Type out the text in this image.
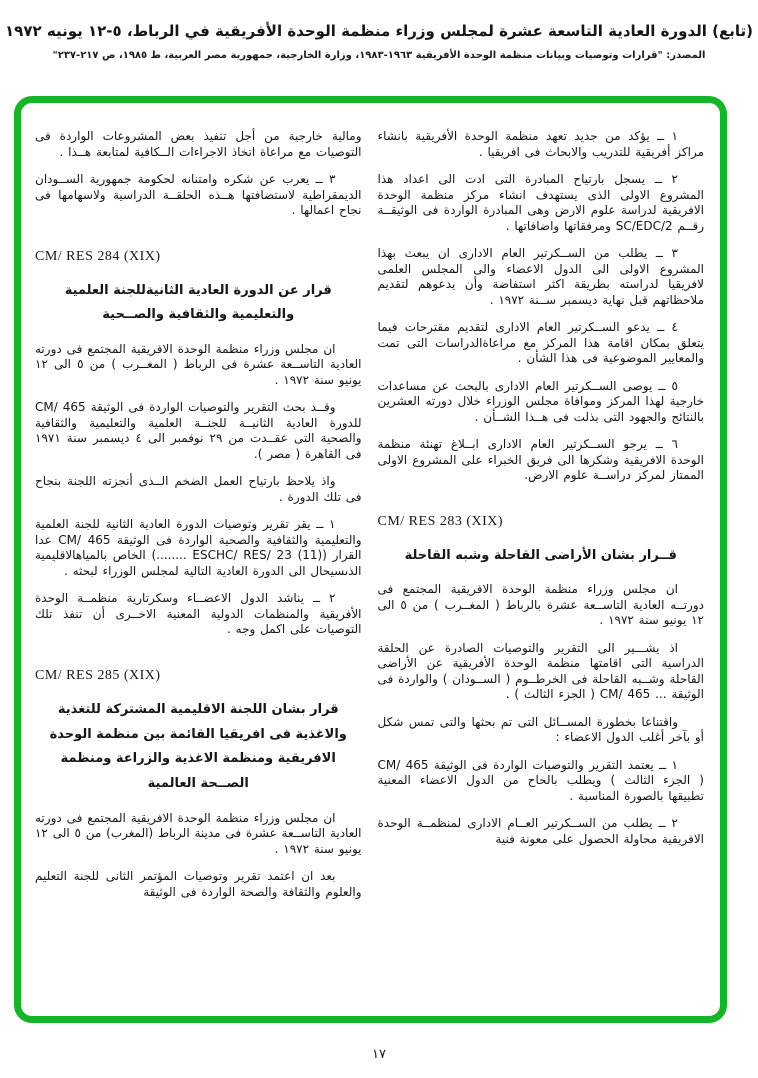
(تابع) الدورة العادية التاسعة عشرة لمجلس وزراء منظمة الوحدة الأفريقية في الرباط، ٥-١٢ يونيه ١٩٧٢
المصدر: "قرارات وتوصيات وبيانات منظمة الوحدة الأفريقية ١٩٦٣-١٩٨٣، وزارة الخارجية، جمهورية مصر العربية، ط ١٩٨٥، ص ٢١٧-٢٣٧"

١ ــ يؤكد من جديد تعهد منظمة الوحدة الأفريقية بانشاء مراكز أفريقية للتدريب والابحاث فى افريقيا .

٢ ــ يسجل بارتياح المبادرة التى ادت الى اعداد هذا المشروع الاولى الذى يستهدف انشاء مركز منظمة الوحدة الافريقية لدراسة علوم الارض وهى المبادرة الواردة فى الوثيقــة رقــم SC/EDC/2 ومرفقاتها واضافاتها .

٣ ــ يطلب من الســكرتير العام الادارى ان يبعث بهذا المشروع الاولى الى الدول الاعضاء والى المجلس العلمى لافريقيا لدراسته بطريقة اكثر استفاضة وأن يدعوهم لتقديم ملاحظاتهم قبل نهاية ديسمبر ســنة ١٩٧٢ .

٤ ــ يدعو الســكرتير العام الادارى لتقديم مقترحات فيما يتعلق بمكان اقامة هذا المركز مع مراعاةالدراسات التى تمت والمعايير الموضوعية فى هذا الشأن .

٥ ــ يوصى الســكرتير العام الادارى بالبحث عن مساعدات خارجية لهذا المركز وموافاة مجلس الوزراء خلال دورته العشرين بالنتائج والجهود التى بذلت فى هــذا الشــأن .

٦ ــ يرجو الســكرتير العام الادارى ابــلاغ تهنئة منظمة الوحدة الافريقية وشكرها الى فريق الخبراء على المشروع الاولى الممتاز لمركز دراســة علوم الارض.

CM/ RES 283 (XIX)
قــرار بشان الأراضى القاحلة وشبه القاحلة

ان مجلس وزراء منظمة الوحدة الافريقية المجتمع فى دورتــه العادية التاســعة عشرة بالرباط ( المغــرب ) من ٥ الى ١٢ يونيو سنة ١٩٧٢ .

اذ يشـــير الى التقرير والتوصيات الصادرة عن الحلقة الدراسية التى اقامتها منظمة الوحدة الأفريقية عن الأراضى القاحلة وشــبه القاحلة فى الخرطــوم ( الســودان ) والواردة فى الوثيقة ... CM/ 465 ( الجزء الثالث ) .

واقتناعا بخطورة المســائل التى تم بحثها والتى تمس شكل أو بآخر أغلب الدول الاعضاء :

١ ــ يعتمد التقرير والتوصيات الواردة فى الوثيقة CM/ 465 ( الجزء الثالث ) ويطلب بالحاح من الدول الاعضاء المعنية تطبيقها بالصورة المناسبة .

٢ ــ يطلب من الســكرتير العــام الادارى لمنظمــة الوحدة الافريقية محاولة الحصول على معونة فنية

ومالية خارجية من أجل تنفيذ بعض المشروعات الواردة فى التوصيات مع مراعاة اتخاذ الاجراءات الــكافية لمتابعة هــذا .

٣ ــ يعرب عن شكره وامتنانه لحكومة جمهورية الســودان الديمقراطية لاستضافتها هــذه الحلقــة الدراسية ولاسهامها فى نجاح اعمالها .

CM/ RES 284 (XIX)
قرار عن الدورة العادية الثانيةللجنة العلمية والتعليمية والثقافية والصــحية

ان مجلس وزراء منظمة الوحدة الافريقية المجتمع فى دورته العادية التاســعة عشرة فى الرباط ( المغــرب ) من ٥ الى ١٢ يونيو سنة ١٩٧٢ .

وقــد بحث التقرير والتوصيات الواردة فى الوثيقة CM/ 465 للدورة العادية الثانيــة للجنــة العلمية والتعليمية والثقافية والصحية التى عقــدت من ٢٩ نوفمبر الى ٤ ديسمبر سنة ١٩٧١ فى القاهرة ( مصر ).

واذ يلاحظ بارتياح العمل الضخم الــذى أنجزته اللجنة بنجاح فى تلك الدورة .

١ ــ يقر تقرير وتوصيات الدورة العادية الثانية للجنة العلمية والتعليمية والثقافية والصحية الواردة فى الوثيقة CM/ 465 عدا القرار (ESCHC/ RES/ 23 (11) ........) الخاص بالمياهالاقليمية الذىسيحال الى الدورة العادية التالية لمجلس الوزراء لبحثه .

٢ ــ يناشد الدول الاعضــاء وسكرتارية منظمــة الوحدة الأفريقية والمنظمات الدولية المعنية الاخــرى أن تنفذ تلك التوصيات على اكمل وجه .

CM/ RES 285 (XIX)
قرار بشان اللجنة الاقليمية المشتركة للتغذية والاغذية فى افريقيا القائمة بين منظمة الوحدة الافريقية ومنظمة الاغذية والزراعة ومنظمة الصــحة العالمية

ان مجلس وزراء منظمة الوحدة الافريقية المجتمع فى دورته العادية التاســعة عشرة فى مدينة الرباط (المغرب) من ٥ الى ١٢ يونيو سنة ١٩٧٢ .

بعد ان اعتمد تقرير وتوصيات المؤتمر الثانى للجنة التعليم والعلوم والثقافة والصحة الواردة فى الوثيقة

١٧
